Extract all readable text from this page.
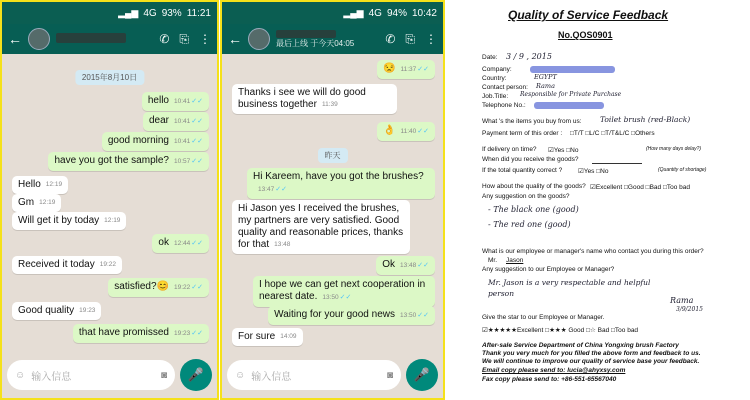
▂▄▆ 4G 93% 11:21
←	✆ ⎘ ⋮
2015年8月10日
hello 10:41✓✓
dear 10:41✓✓
good morning 10:41✓✓
have you got the sample? 10:57✓✓
Hello 12:19
Gm 12:19
Will get it by today 12:19
ok 12:44✓✓
Received it today 19:22
satisfied?😊 19:22✓✓
Good quality 19:23
that have promissed 19:23✓✓
☺ 输入信息	◙ 🎤
▂▄▆ 4G 94% 10:42
←	最后上线 于今天04:05	✆ ⎘ ⋮
😒 11:37✓✓
Thanks i see we will do good business together 11:39
👌 11:40✓✓
昨天
Hi Kareem, have you got the brushes?13:47✓✓
Hi Jason yes I received the brushes, my partners are very satisfied. Good quality and reasonable prices, thanks for that 13:48
Ok 13:48✓✓
I hope we can get next cooperation in nearest date. 13:50✓✓
Waiting for your good news 13:50✓✓
For sure 14:09
☺ 输入信息	◙ 🎤
Quality of Service Feedback
No.QOS0901
Date: 3 / 9 , 2015
Company:
Country:	EGYPT
Contact person: Rama
Job.Title: Responsible for Private Purchase
Telephone No.:
What 's the items you buy from us: Toilet brush (red-Black)
Payment term of this order : □T/T □L/C □T/T&L/C □Others
If delivery on time? ☑Yes □No	(How many days delay?)
When did you receive the goods?
If the total quantity correct ? ☑Yes □No	(Quantity of shortage)
How about the quality of the goods? ☑Excellent □Good □Bad □Too bad
Any suggestion on the goods?
- The black one (good)
- The red one (good)
What is our employee or manager's name who contact you during this order?
Mr. Jason
Any suggestion to our Employee or Manager?
Mr. Jason is a very respectable and helpful
person
Rama
3/9/2015
Give the star to our Employee or Manager.
☑★★★★★Excellent □★★★ Good □☆ Bad □Too bad
After-sale Service Department of China Yongxing brush Factory
Thank you very much for you filled the above form and feedback to us.
We will continue to improve our quality of service base your feedback.
Email copy please send to: lucia@ahyxsy.com
Fax copy please send to: +86-551-65567040
